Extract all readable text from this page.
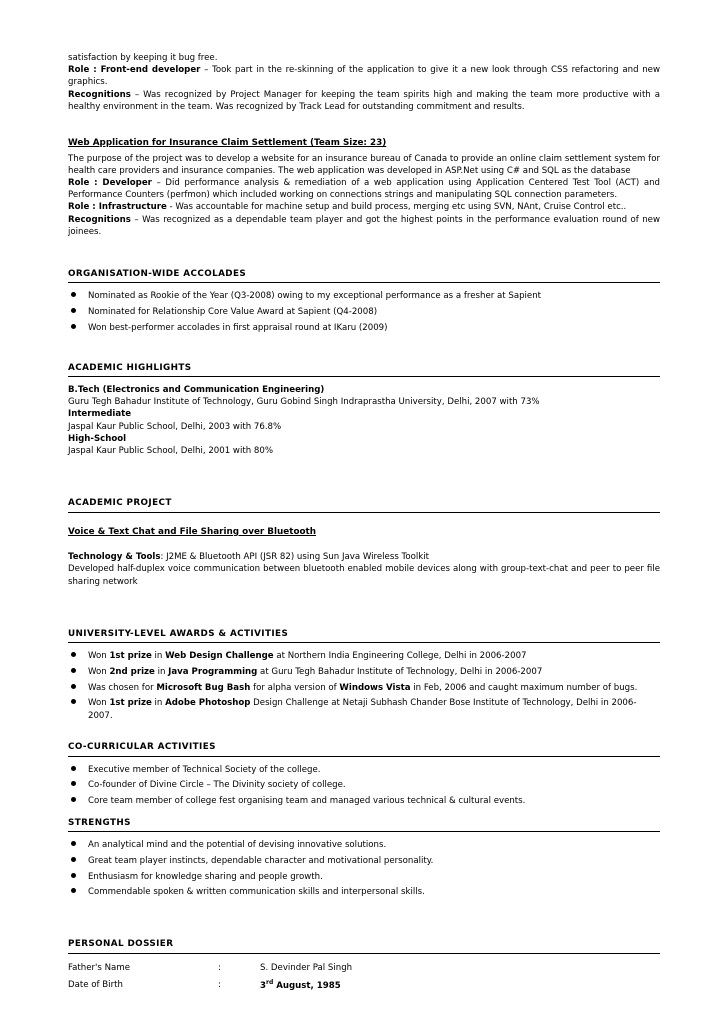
satisfaction by keeping it bug free.

Role : Front-end developer – Took part in the re-skinning of the application to give it a new look through CSS refactoring and new graphics.

Recognitions – Was recognized by Project Manager for keeping the team spirits high and making the team more productive with a healthy environment in the team. Was recognized by Track Lead for outstanding commitment and results.

Web Application for Insurance Claim Settlement (Team Size: 23)

The purpose of the project was to develop a website for an insurance bureau of Canada to provide an online claim settlement system for health care providers and insurance companies. The web application was developed in ASP.Net using C# and SQL as the database

Role : Developer – Did performance analysis & remediation of a web application using Application Centered Test Tool (ACT) and Performance Counters (perfmon) which included working on connections strings and manipulating SQL connection parameters.

Role : Infrastructure - Was accountable for machine setup and build process, merging etc using SVN, NAnt, Cruise Control etc..

Recognitions – Was recognized as a dependable team player and got the highest points in the performance evaluation round of new joinees.

ORGANISATION-WIDE ACCOLADES
Nominated as Rookie of the Year (Q3-2008) owing to my exceptional performance as a fresher at Sapient
Nominated for Relationship Core Value Award at Sapient (Q4-2008)
Won best-performer accolades in first appraisal round at IKaru (2009)
ACADEMIC HIGHLIGHTS

B.Tech (Electronics and Communication Engineering)

Guru Tegh Bahadur Institute of Technology, Guru Gobind Singh Indraprastha University, Delhi, 2007 with 73%

Intermediate

Jaspal Kaur Public School, Delhi, 2003 with 76.8%

High-School

Jaspal Kaur Public School, Delhi, 2001 with 80%

ACADEMIC PROJECT

Voice & Text Chat and File Sharing over Bluetooth

Technology & Tools: J2ME & Bluetooth API (JSR 82) using Sun Java Wireless Toolkit

Developed half-duplex voice communication between bluetooth enabled mobile devices along with group-text-chat and peer to peer file sharing network

UNIVERSITY-LEVEL AWARDS & ACTIVITIES
Won 1st prize in Web Design Challenge at Northern India Engineering College, Delhi in 2006-2007
Won 2nd prize in Java Programming at Guru Tegh Bahadur Institute of Technology, Delhi in 2006-2007
Was chosen for Microsoft Bug Bash for alpha version of Windows Vista in Feb, 2006 and caught maximum number of bugs.
Won 1st prize in Adobe Photoshop Design Challenge at Netaji Subhash Chander Bose Institute of Technology, Delhi in 2006-2007.
CO-CURRICULAR ACTIVITIES
Executive member of Technical Society of the college.
Co-founder of Divine Circle – The Divinity society of college.
Core team member of college fest organising team and managed various technical & cultural events.
STRENGTHS
An analytical mind and the potential of devising innovative solutions.
Great team player instincts, dependable character and motivational personality.
Enthusiasm for knowledge sharing and people growth.
Commendable spoken & written communication skills and interpersonal skills.
PERSONAL DOSSIER
Father's Name	:	S. Devinder Pal Singh
Date of Birth	:	3rd August, 1985
